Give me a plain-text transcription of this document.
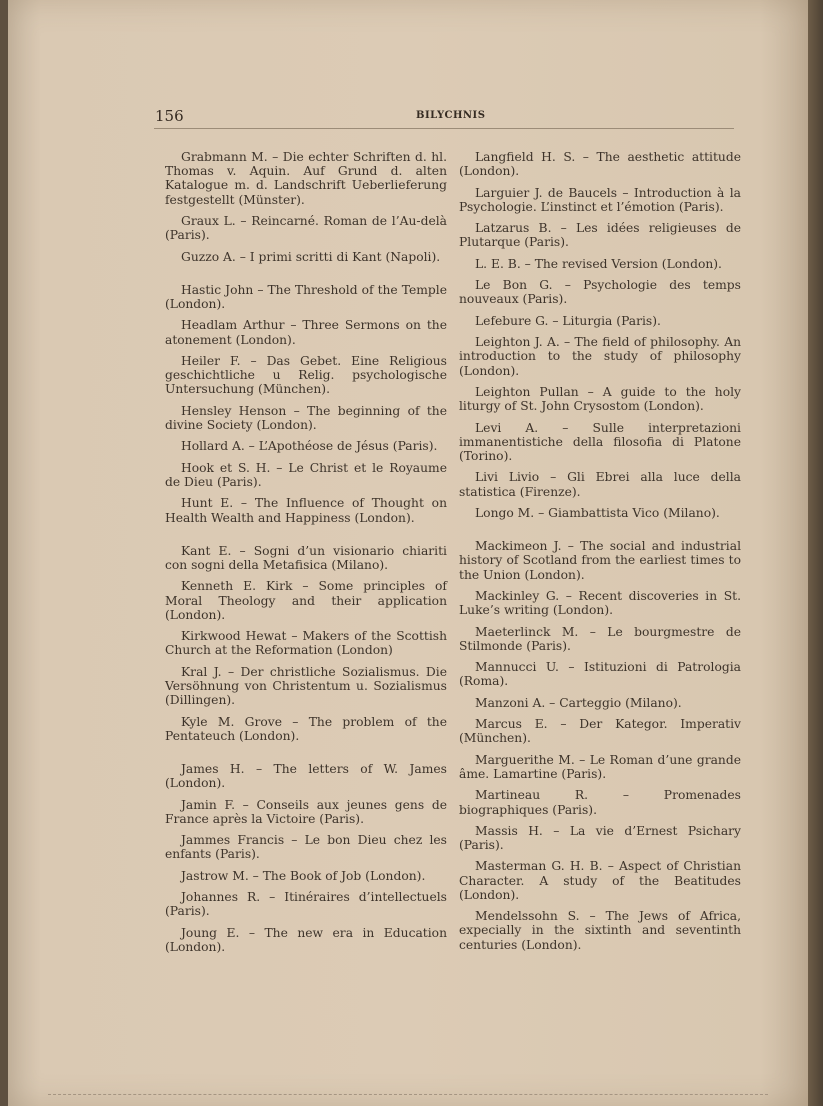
156	BILYCHNIS

Grabmann M. – Die echter Schriften d. hl. Thomas v. Aquin. Auf Grund d. alten Katalogue m. d. Landschrift Ueberlieferung festgestellt (Münster).

Graux L. – Reincarné. Roman de l’Au-delà (Paris).

Guzzo A. – I primi scritti di Kant (Napoli).

Hastic John – The Threshold of the Temple (London).

Headlam Arthur – Three Sermons on the atonement (London).

Heiler F. – Das Gebet. Eine Religious geschichtliche u Relig. psychologische Untersuchung (München).

Hensley Henson – The beginning of the divine Society (London).

Hollard A. – L’Apothéose de Jésus (Paris).

Hook et S. H. – Le Christ et le Royaume de Dieu (Paris).

Hunt E. – The Influence of Thought on Health Wealth and Happiness (London).

Kant E. – Sogni d’un visionario chiariti con sogni della Metafisica (Milano).

Kenneth E. Kirk – Some principles of Moral Theology and their application (London).

Kirkwood Hewat – Makers of the Scottish Church at the Reformation (London)

Kral J. – Der christliche Sozialismus. Die Versöhnung von Christentum u. Sozialismus (Dillingen).

Kyle M. Grove – The problem of the Pentateuch (London).

James H. – The letters of W. James (London).

Jamin F. – Conseils aux jeunes gens de France après la Victoire (Paris).

Jammes Francis – Le bon Dieu chez les enfants (Paris).

Jastrow M. – The Book of Job (London).

Johannes R. – Itinéraires d’intellectuels (Paris).

Joung E. – The new era in Education (London).

Langfield H. S. – The aesthetic attitude (London).

Larguier J. de Baucels – Introduction à la Psychologie. L’instinct et l’émotion (Paris).

Latzarus B. – Les idées religieuses de Plutarque (Paris).

L. E. B. – The revised Version (London).

Le Bon G. – Psychologie des temps nouveaux (Paris).

Lefebure G. – Liturgia (Paris).

Leighton J. A. – The field of philosophy. An introduction to the study of philosophy (London).

Leighton Pullan – A guide to the holy liturgy of St. John Crysostom (London).

Levi A. – Sulle interpretazioni immanentistiche della filosofia di Platone (Torino).

Livi Livio – Gli Ebrei alla luce della statistica (Firenze).

Longo M. – Giambattista Vico (Milano).

Mackimeon J. – The social and industrial history of Scotland from the earliest times to the Union (London).

Mackinley G. – Recent discoveries in St. Luke’s writing (London).

Maeterlinck M. – Le bourgmestre de Stilmonde (Paris).

Mannucci U. – Istituzioni di Patrologia (Roma).

Manzoni A. – Carteggio (Milano).

Marcus E. – Der Kategor. Imperativ (München).

Marguerithe M. – Le Roman d’une grande âme. Lamartine (Paris).

Martineau R. – Promenades biographiques (Paris).

Massis H. – La vie d’Ernest Psichary (Paris).

Masterman G. H. B. – Aspect of Christian Character. A study of the Beatitudes (London).

Mendelssohn S. – The Jews of Africa, expecially in the sixtinth and seventinth centuries (London).
